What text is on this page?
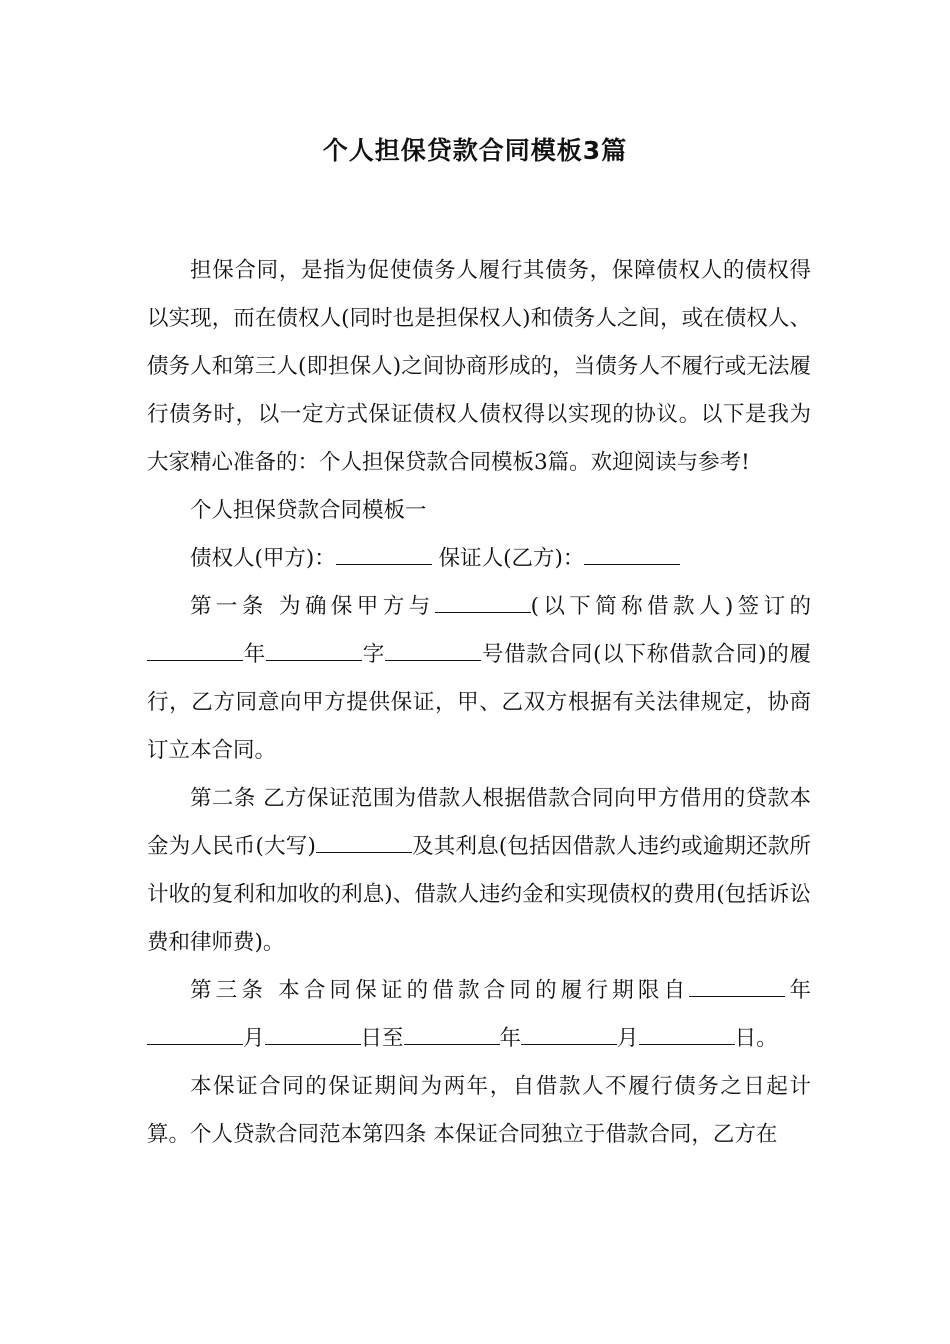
个人担保贷款合同模板3篇

担保合同，是指为促使债务人履行其债务，保障债权人的债权得以实现，而在债权人(同时也是担保权人)和债务人之间，或在债权人、债务人和第三人(即担保人)之间协商形成的，当债务人不履行或无法履行债务时，以一定方式保证债权人债权得以实现的协议。以下是我为大家精心准备的：个人担保贷款合同模板3篇。欢迎阅读与参考!

个人担保贷款合同模板一

债权人(甲方)：	保证人(乙方)：

第一条 为确保甲方与	(以下简称借款人)签订的年	字	号借款合同(以下称借款合同)的履行，乙方同意向甲方提供保证，甲、乙双方根据有关法律规定，协商订立本合同。

第二条 乙方保证范围为借款人根据借款合同向甲方借用的贷款本金为人民币(大写)	及其利息(包括因借款人违约或逾期还款所计收的复利和加收的利息)、借款人违约金和实现债权的费用(包括诉讼费和律师费)。

第三条 本合同保证的借款合同的履行期限自	年月	日至	年	月	日。

本保证合同的保证期间为两年，自借款人不履行债务之日起计算。个人贷款合同范本第四条 本保证合同独立于借款合同，乙方在
